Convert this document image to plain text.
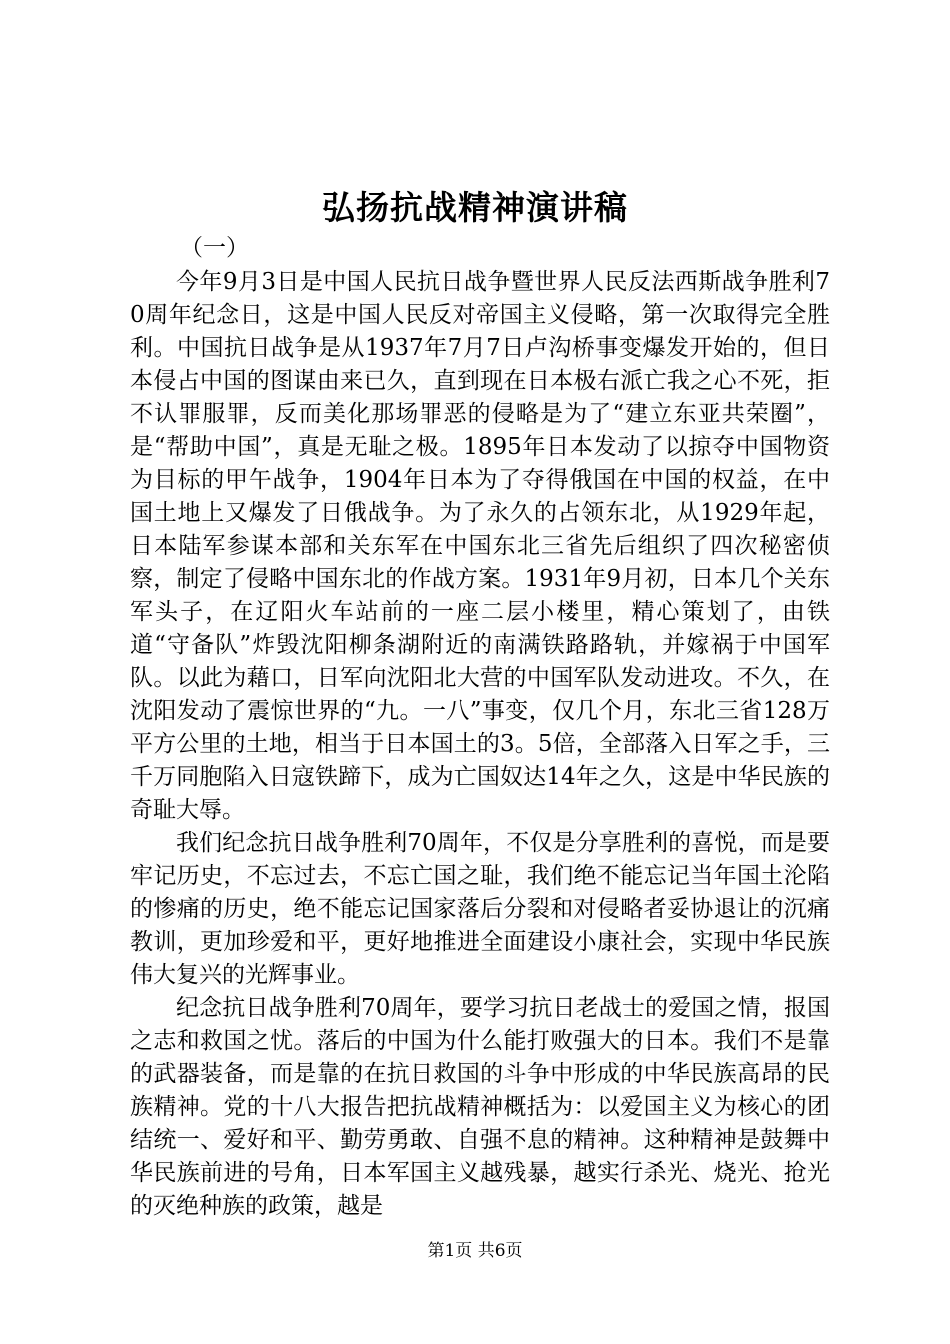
弘扬抗战精神演讲稿

（一）

今年9月3日是中国人民抗日战争暨世界人民反法西斯战争胜利70周年纪念日，这是中国人民反对帝国主义侵略，第一次取得完全胜利。中国抗日战争是从1937年7月7日卢沟桥事变爆发开始的，但日本侵占中国的图谋由来已久，直到现在日本极右派亡我之心不死，拒不认罪服罪，反而美化那场罪恶的侵略是为了“建立东亚共荣圈”，是“帮助中国”，真是无耻之极。1895年日本发动了以掠夺中国物资为目标的甲午战争，1904年日本为了夺得俄国在中国的权益，在中国土地上又爆发了日俄战争。为了永久的占领东北，从1929年起，日本陆军参谋本部和关东军在中国东北三省先后组织了四次秘密侦察，制定了侵略中国东北的作战方案。1931年9月初，日本几个关东军头子，在辽阳火车站前的一座二层小楼里，精心策划了，由铁道“守备队”炸毁沈阳柳条湖附近的南满铁路路轨，并嫁祸于中国军队。以此为藉口，日军向沈阳北大营的中国军队发动进攻。不久，在沈阳发动了震惊世界的“九。一八”事变，仅几个月，东北三省128万平方公里的土地，相当于日本国土的3。5倍，全部落入日军之手，三千万同胞陷入日寇铁蹄下，成为亡国奴达14年之久，这是中华民族的奇耻大辱。

我们纪念抗日战争胜利70周年，不仅是分享胜利的喜悦，而是要牢记历史，不忘过去，不忘亡国之耻，我们绝不能忘记当年国土沦陷的惨痛的历史，绝不能忘记国家落后分裂和对侵略者妥协退让的沉痛教训，更加珍爱和平，更好地推进全面建设小康社会，实现中华民族伟大复兴的光辉事业。

纪念抗日战争胜利70周年，要学习抗日老战士的爱国之情，报国之志和救国之忧。落后的中国为什么能打败强大的日本。我们不是靠的武器装备，而是靠的在抗日救国的斗争中形成的中华民族高昂的民族精神。党的十八大报告把抗战精神概括为：以爱国主义为核心的团结统一、爱好和平、勤劳勇敢、自强不息的精神。这种精神是鼓舞中华民族前进的号角，日本军国主义越残暴，越实行杀光、烧光、抢光的灭绝种族的政策，越是

第1页 共6页
